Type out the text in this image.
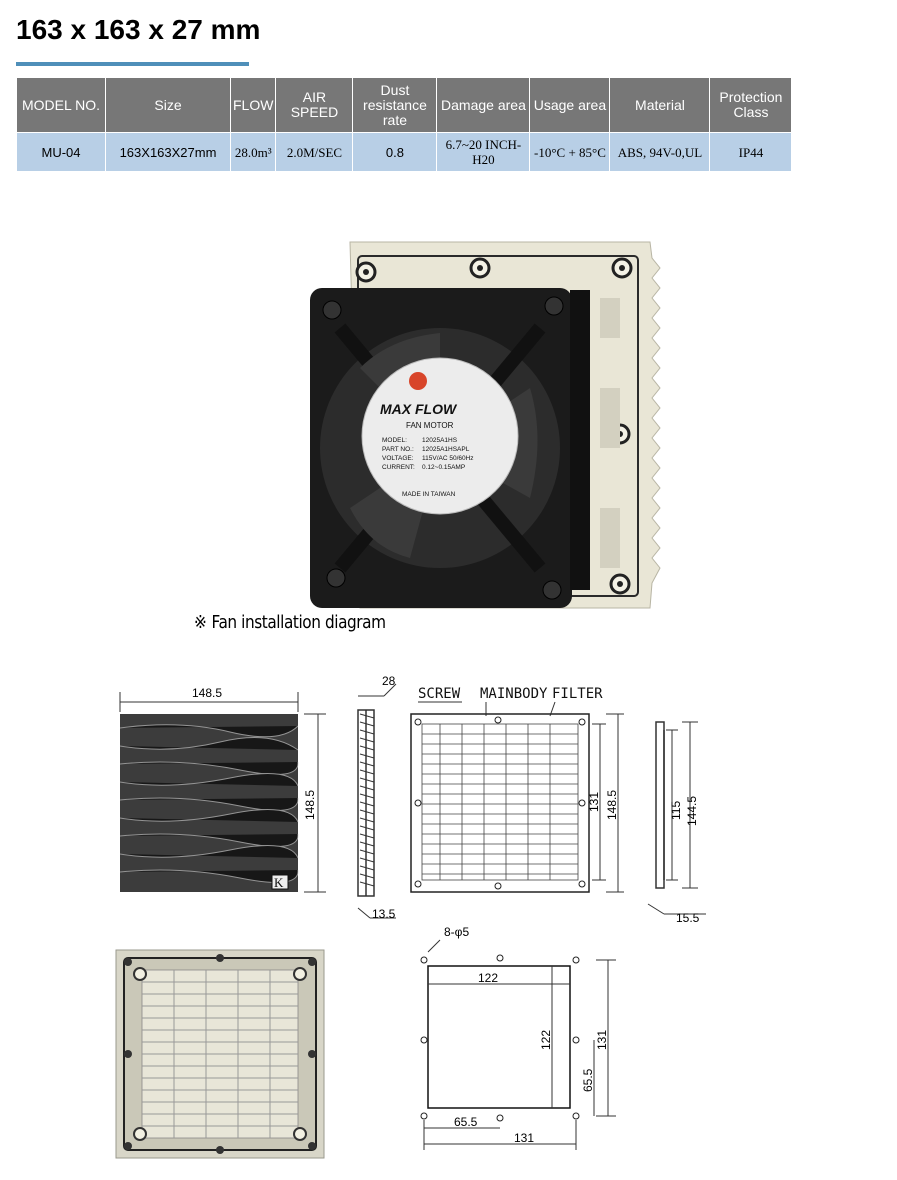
163 x 163 x 27 mm
MODEL NO.	Size	FLOW	AIR SPEED	Dust resistance rate	Damage area	Usage area	Material	Protection Class
MU-04	163X163X27mm	28.0m³	2.0M/SEC	0.8	6.7~20 INCH-H20	-10°C + 85°C	ABS, 94V-0,UL	IP44
MAX FLOW
FAN MOTOR
MODEL: 12025A1HS
PART NO.: 12025A1HSAPL
VOLTAGE: 115V/AC 50/60Hz
CURRENT: 0.12~0.15AMP
MADE IN TAIWAN
※ Fan installation diagram
K
148.5
148.5
28
13.5
SCREW MAINBODY FILTER
131 148.5	115 144.5
15.5
8-φ5
122
122	131
65.5
65.5
131
